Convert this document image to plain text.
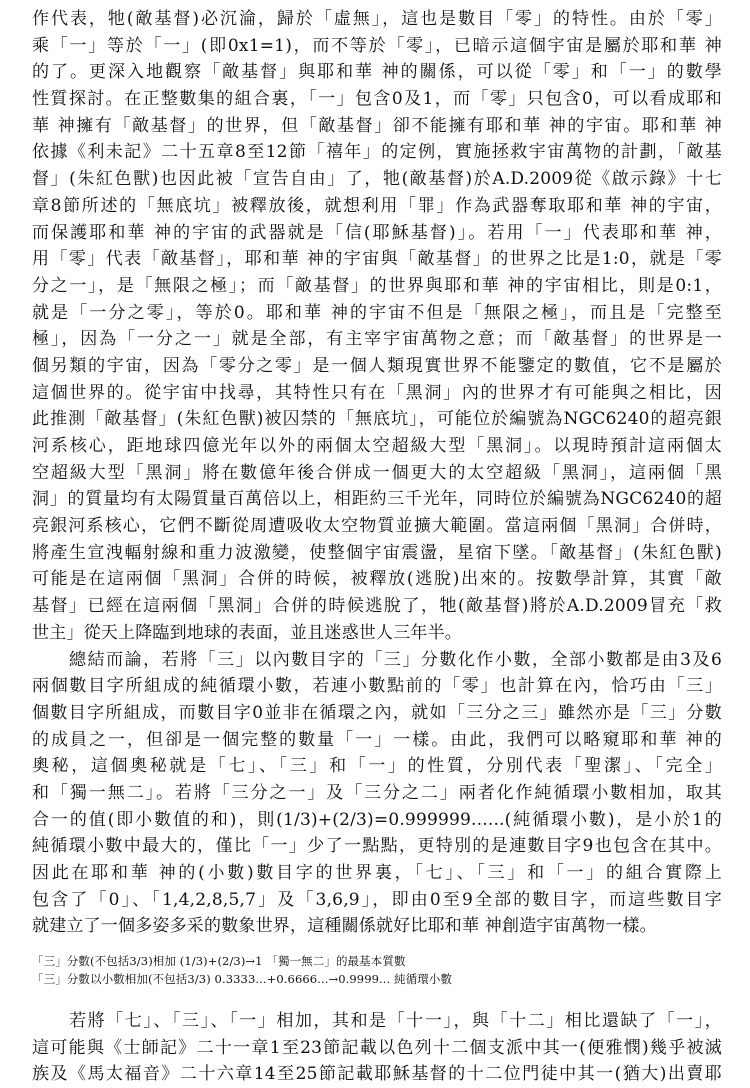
作代表，牠(敵基督)必沉淪，歸於「虛無」，這也是數目「零」的特性。由於「零」
乘「一」等於「一」(即0x1=1)，而不等於「零」，已暗示這個宇宙是屬於耶和華 神
的了。更深入地觀察「敵基督」與耶和華 神的關係，可以從「零」和「一」的數學
性質探討。在正整數集的組合裏，「一」包含0及1，而「零」只包含0，可以看成耶和
華 神擁有「敵基督」的世界，但「敵基督」卻不能擁有耶和華 神的宇宙。耶和華 神
依據《利未記》二十五章8至12節「禧年」的定例，實施拯救宇宙萬物的計劃，「敵基
督」(朱紅色獸)也因此被「宣告自由」了，牠(敵基督)於A.D.2009從《啟示錄》十七
章8節所述的「無底坑」被釋放後，就想利用「罪」作為武器奪取耶和華 神的宇宙，
而保護耶和華 神的宇宙的武器就是「信(耶穌基督)」。若用「一」代表耶和華 神，
用「零」代表「敵基督」，耶和華 神的宇宙與「敵基督」的世界之比是1:0，就是「零
分之一」，是「無限之極」；而「敵基督」的世界與耶和華 神的宇宙相比，則是0:1，
就是「一分之零」，等於0。耶和華 神的宇宙不但是「無限之極」，而且是「完整至
極」，因為「一分之一」就是全部，有主宰宇宙萬物之意；而「敵基督」的世界是一
個另類的宇宙，因為「零分之零」是一個人類現實世界不能鑒定的數值，它不是屬於
這個世界的。從宇宙中找尋，其特性只有在「黑洞」內的世界才有可能與之相比，因
此推測「敵基督」(朱紅色獸)被囚禁的「無底坑」，可能位於編號為NGC6240的超亮銀
河系核心，距地球四億光年以外的兩個太空超級大型「黑洞」。以現時預計這兩個太
空超級大型「黑洞」將在數億年後合併成一個更大的太空超級「黑洞」，這兩個「黑
洞」的質量均有太陽質量百萬倍以上，相距約三千光年，同時位於編號為NGC6240的超
亮銀河系核心，它們不斷從周遭吸收太空物質並擴大範圍。當這兩個「黑洞」合併時，
將產生宣洩輻射線和重力波激變，使整個宇宙震盪，星宿下墜。「敵基督」(朱紅色獸)
可能是在這兩個「黑洞」合併的時候，被釋放(逃脫)出來的。按數學計算，其實「敵
基督」已經在這兩個「黑洞」合併的時候逃脫了，牠(敵基督)將於A.D.2009冒充「救
世主」從天上降臨到地球的表面，並且迷惑世人三年半。
　　總結而論，若將「三」以內數目字的「三」分數化作小數，全部小數都是由3及6
兩個數目字所組成的純循環小數，若連小數點前的「零」也計算在內，恰巧由「三」
個數目字所組成，而數目字0並非在循環之內，就如「三分之三」雖然亦是「三」分數
的成員之一，但卻是一個完整的數量「一」一樣。由此，我們可以略窺耶和華 神的
奧秘，這個奧秘就是「七」、「三」和「一」的性質，分別代表「聖潔」、「完全」
和「獨一無二」。若將「三分之一」及「三分之二」兩者化作純循環小數相加，取其
合一的值(即小數值的和)，則(1/3)+(2/3)=0.999999......(純循環小數)，是小於1的
純循環小數中最大的，僅比「一」少了一點點，更特別的是連數目字9也包含在其中。
因此在耶和華 神的(小數)數目字的世界裏，「七」、「三」和「一」的組合實際上
包含了「0」、「1,4,2,8,5,7」及「3,6,9」，即由0至9全部的數目字，而這些數目字
就建立了一個多姿多采的數象世界，這種關係就好比耶和華 神創造宇宙萬物一樣。
「三」分數(不包括3/3)相加 (1/3)+(2/3)→1 「獨一無二」的最基本質數
「三」分數以小數相加(不包括3/3) 0.3333...+0.6666...→0.9999... 純循環小數
　　若將「七」、「三」、「一」相加，其和是「十一」，與「十二」相比還缺了「一」，
這可能與《士師記》二十一章1至23節記載以色列十二個支派中其一(便雅憫)幾乎被滅
族及《馬太福音》二十六章14至25節記載耶穌基督的十二位門徒中其一(猶大)出賣耶
